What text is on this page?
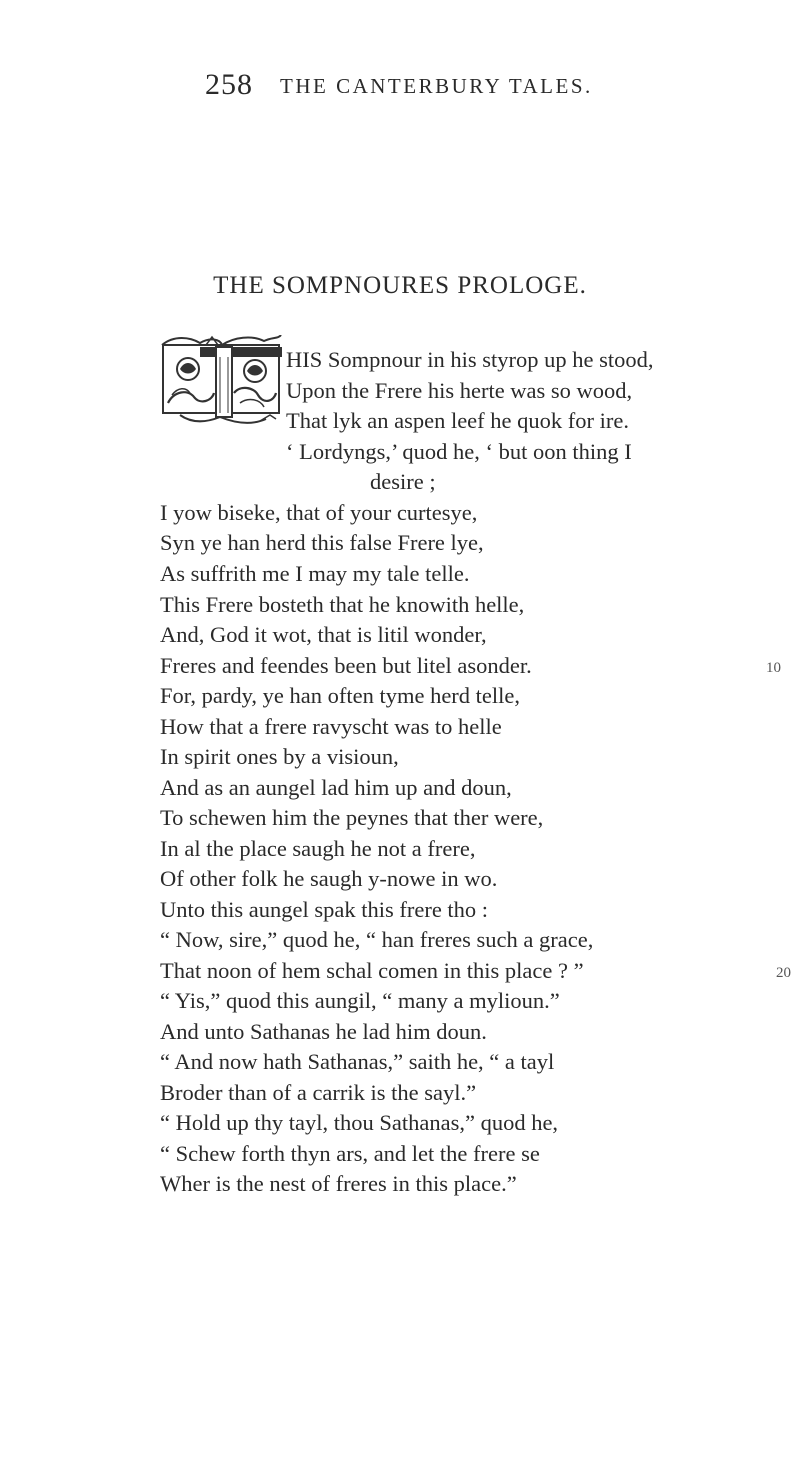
258 THE CANTERBURY TALES.
THE SOMPNOURES PROLOGE.
HIS Sompnour in his styrop up he stood,
Upon the Frere his herte was so wood,
That lyk an aspen leef he quok for ire.
‘ Lordyngs,’ quod he, ‘ but oon thing I
desire ;
I yow biseke, that of your curtesye,
Syn ye han herd this false Frere lye,
As suffrith me I may my tale telle.
This Frere bosteth that he knowith helle,
And, God it wot, that is litil wonder,
Freres and feendes been but litel asonder.	10
For, pardy, ye han often tyme herd telle,
How that a frere ravyscht was to helle
In spirit ones by a visioun,
And as an aungel lad him up and doun,
To schewen him the peynes that ther were,
In al the place saugh he not a frere,
Of other folk he saugh y-nowe in wo.
Unto this aungel spak this frere tho :
“ Now, sire,” quod he, “ han freres such a grace,
That noon of hem schal comen in this place ? ”	20
“ Yis,” quod this aungil, “ many a mylioun.”
And unto Sathanas he lad him doun.
“ And now hath Sathanas,” saith he, “ a tayl
Broder than of a carrik is the sayl.”
“ Hold up thy tayl, thou Sathanas,” quod he,
“ Schew forth thyn ars, and let the frere se
Wher is the nest of freres in this place.”
